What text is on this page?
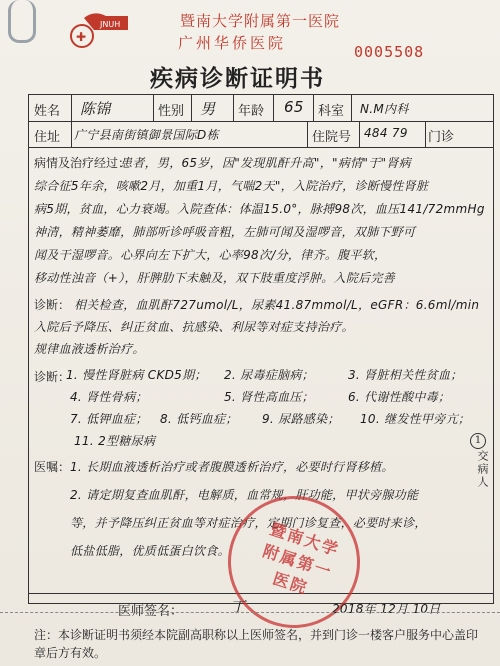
✚
JNUH	暨南大学附属第一医院
广州华侨医院	0005508
疾病诊断证明书
姓名 陈锦	性别 男 年龄 65 科室 N.M内科
住址 广宁县南街镇御景国际D栋	住院号 484 79 门诊
病情及治疗经过：
患者，男，65岁，因"发现肌酐升高"，"病情"于"肾病
综合征5年余，咳嗽2月，加重1月，气喘2天"，入院治疗，诊断慢性肾脏
病5期，贫血，心力衰竭。入院查体：体温15.0°，脉搏98次，血压141/72mmHg
神清，精神萎靡，肺部听诊呼吸音粗，左肺可闻及湿啰音，双肺下野可
闻及干湿啰音。心界向左下扩大，心率98次/分，律齐。腹平软，
移动性浊音（+），肝脾肋下未触及，双下肢重度浮肿。入院后完善
诊断： 相关检查，血肌酐727umol/L，尿素41.87mmol/L，eGFR：6.6ml/min
入院后予降压、纠正贫血、抗感染、利尿等对症支持治疗。
规律血液透析治疗。
诊断：
1. 慢性肾脏病 CKD5期； 2. 尿毒症脑病；	3. 肾脏相关性贫血；
4. 肾性骨病；	5. 肾性高血压；	6. 代谢性酸中毒；
7. 低钾血症； 8. 低钙血症； 9. 尿路感染； 10. 继发性甲旁亢；
11. 2型糖尿病
医嘱： 1. 长期血液透析治疗或者腹膜透析治疗，必要时行肾移植。
2. 请定期复查血肌酐，电解质，血常规，肝功能，甲状旁腺功能
等，并予降压纠正贫血等对症治疗，定期门诊复查，必要时来诊，
低盐低脂，优质低蛋白饮食。	暨南大学附属第一医院
医师签名：	丁	2018年 12月 10日
1
交病人
注：本诊断证明书须经本院副高职称以上医师签名，并到门诊一楼客户服务中心盖印章后方有效。
